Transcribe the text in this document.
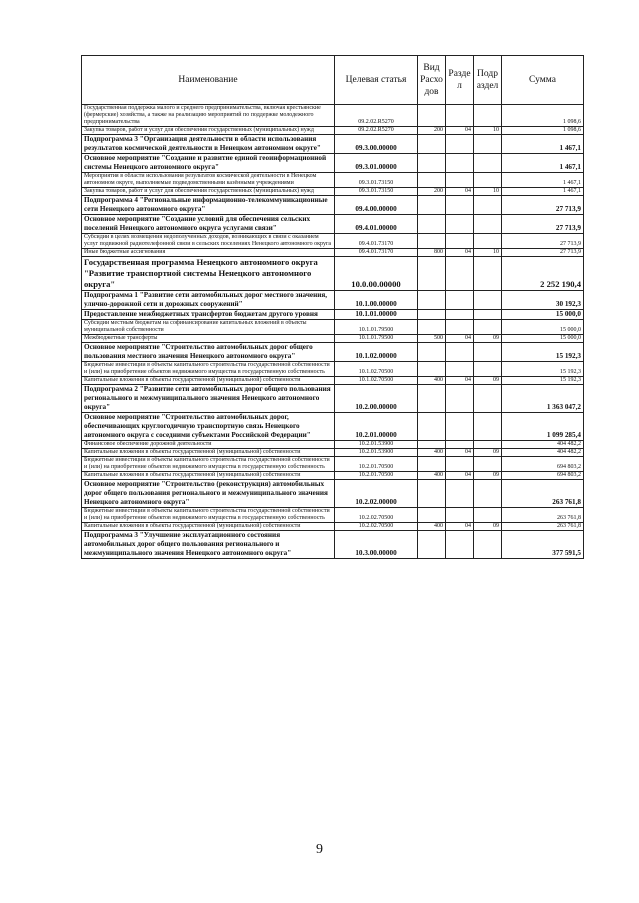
Наименование	Целевая статья	Вид Расхо дов	Разде л	Подр аздел	Сумма
Государственная поддержка малого и среднего предпринимательства, включая крестьянские (фермерские) хозяйства, а также на реализацию мероприятий по поддержке молодежного предпринимательства	09.2.02.R5270				1 098,6
Закупка товаров, работ и услуг для обеспечения государственных (муниципальных) нужд	09.2.02.R5270	200	04	10	1 098,6
Подпрограмма 3 "Организация деятельности в области использования результатов космической деятельности в Ненецком автономном округе"	09.3.00.00000				1 467,1
Основное мероприятие "Создание и развитие единой геоинформационной системы Ненецкого автономного округа"	09.3.01.00000				1 467,1
Мероприятия в области использования результатов космической деятельности в Ненецком автономном округе, выполняемые подведомственными казёнными учреждениями	09.3.01.73150				1 467,1
Закупка товаров, работ и услуг для обеспечения государственных (муниципальных) нужд	09.3.01.73150	200	04	10	1 467,1
Подпрограмма 4 "Региональные информационно-телекоммуникационные сети Ненецкого автономного округа"	09.4.00.00000				27 713,9
Основное мероприятие "Создание условий для обеспечения сельских поселений Ненецкого автономного округа услугами связи"	09.4.01.00000				27 713,9
Субсидии в целях возмещения недополученных доходов, возникающих в связи с оказанием услуг подвижной радиотелефонной связи в сельских поселениях Ненецкого автономного округа	09.4.01.73170				27 713,9
Иные бюджетные ассигнования	09.4.01.73170	800	04	10	27 713,9
Государственная программа Ненецкого автономного округа "Развитие транспортной системы Ненецкого автономного округа"	10.0.00.00000				2 252 190,4
Подпрограмма 1 "Развитие сети автомобильных дорог местного значения, улично-дорожной сети и дорожных сооружений"	10.1.00.00000				30 192,3
Предоставление межбюджетных трансфертов бюджетам другого уровня	10.1.01.00000				15 000,0
Субсидии местным бюджетам на софинансирование капитальных вложений в объекты муниципальной собственности	10.1.01.79500				15 000,0
Межбюджетные трансферты	10.1.01.79500	500	04	09	15 000,0
Основное мероприятие "Строительство автомобильных дорог общего пользования местного значения Ненецкого автономного округа"	10.1.02.00000				15 192,3
Бюджетные инвестиции в объекты капитального строительства государственной собственности и (или) на приобретение объектов недвижимого имущества в государственную собственность	10.1.02.70500				15 192,3
Капитальные вложения в объекты государственной (муниципальной) собственности	10.1.02.70500	400	04	09	15 192,3
Подпрограмма 2 "Развитие сети автомобильных дорог общего пользования регионального и межмуниципального значения Ненецкого автономного округа"	10.2.00.00000				1 363 047,2
Основное мероприятие "Строительство автомобильных дорог, обеспечивающих круглогодичную транспортную связь Ненецкого автономного округа с соседними субъектами Российской Федерации"	10.2.01.00000				1 099 285,4
Финансовое обеспечение дорожной деятельности	10.2.01.53900				404 482,2
Капитальные вложения в объекты государственной (муниципальной) собственности	10.2.01.53900	400	04	09	404 482,2
Бюджетные инвестиции в объекты капитального строительства государственной собственности и (или) на приобретение объектов недвижимого имущества в государственную собственность	10.2.01.70500				694 803,2
Капитальные вложения в объекты государственной (муниципальной) собственности	10.2.01.70500	400	04	09	694 803,2
Основное мероприятие "Строительство (реконструкция) автомобильных дорог общего пользования регионального и межмуниципального значения Ненецкого автономного округа"	10.2.02.00000				263 761,8
Бюджетные инвестиции в объекты капитального строительства государственной собственности и (или) на приобретение объектов недвижимого имущества в государственную собственность	10.2.02.70500				263 761,8
Капитальные вложения в объекты государственной (муниципальной) собственности	10.2.02.70500	400	04	09	263 761,8
Подпрограмма 3 "Улучшение эксплуатационного состояния автомобильных дорог общего пользования регионального и межмуниципального значения Ненецкого автономного округа"	10.3.00.00000				377 591,5
9
